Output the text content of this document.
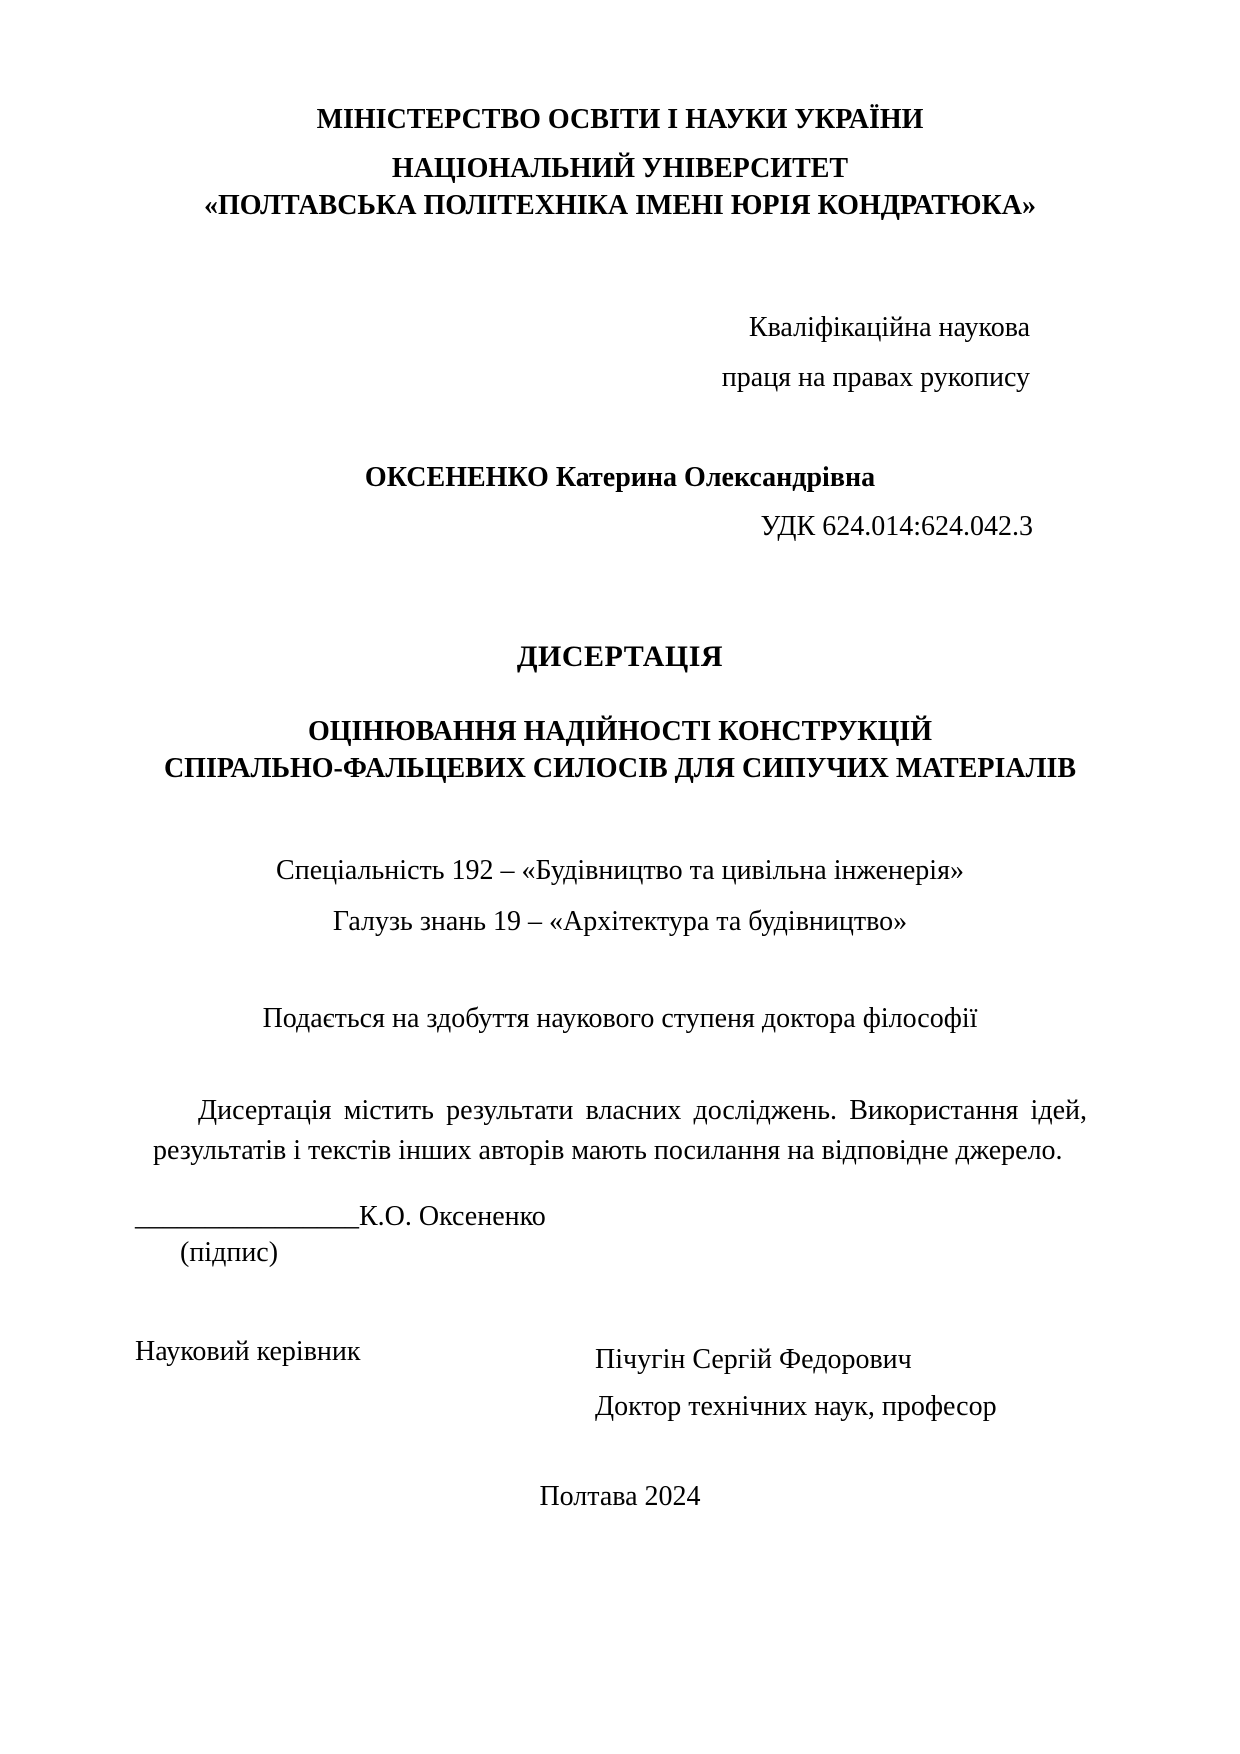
МІНІСТЕРСТВО ОСВІТИ І НАУКИ УКРАЇНИ
НАЦІОНАЛЬНИЙ УНІВЕРСИТЕТ
«ПОЛТАВСЬКА ПОЛІТЕХНІКА ІМЕНІ ЮРІЯ КОНДРАТЮКА»
Кваліфікаційна наукова
праця на правах рукопису
ОКСЕНЕНКО Катерина Олександрівна
УДК 624.014:624.042.3
ДИСЕРТАЦІЯ
ОЦІНЮВАННЯ НАДІЙНОСТІ КОНСТРУКЦІЙ
СПІРАЛЬНО-ФАЛЬЦЕВИХ СИЛОСІВ ДЛЯ СИПУЧИХ МАТЕРІАЛІВ
Спеціальність 192 – «Будівництво та цивільна інженерія»
Галузь знань 19 – «Архітектура та будівництво»
Подається на здобуття наукового ступеня доктора філософії

Дисертація містить результати власних досліджень. Використання ідей, результатів і текстів інших авторів мають посилання на відповідне джерело.

________________К.О. Оксененко
(підпис)
Науковий керівник	Пічугін Сергій Федорович
Доктор технічних наук, професор
Полтава 2024
